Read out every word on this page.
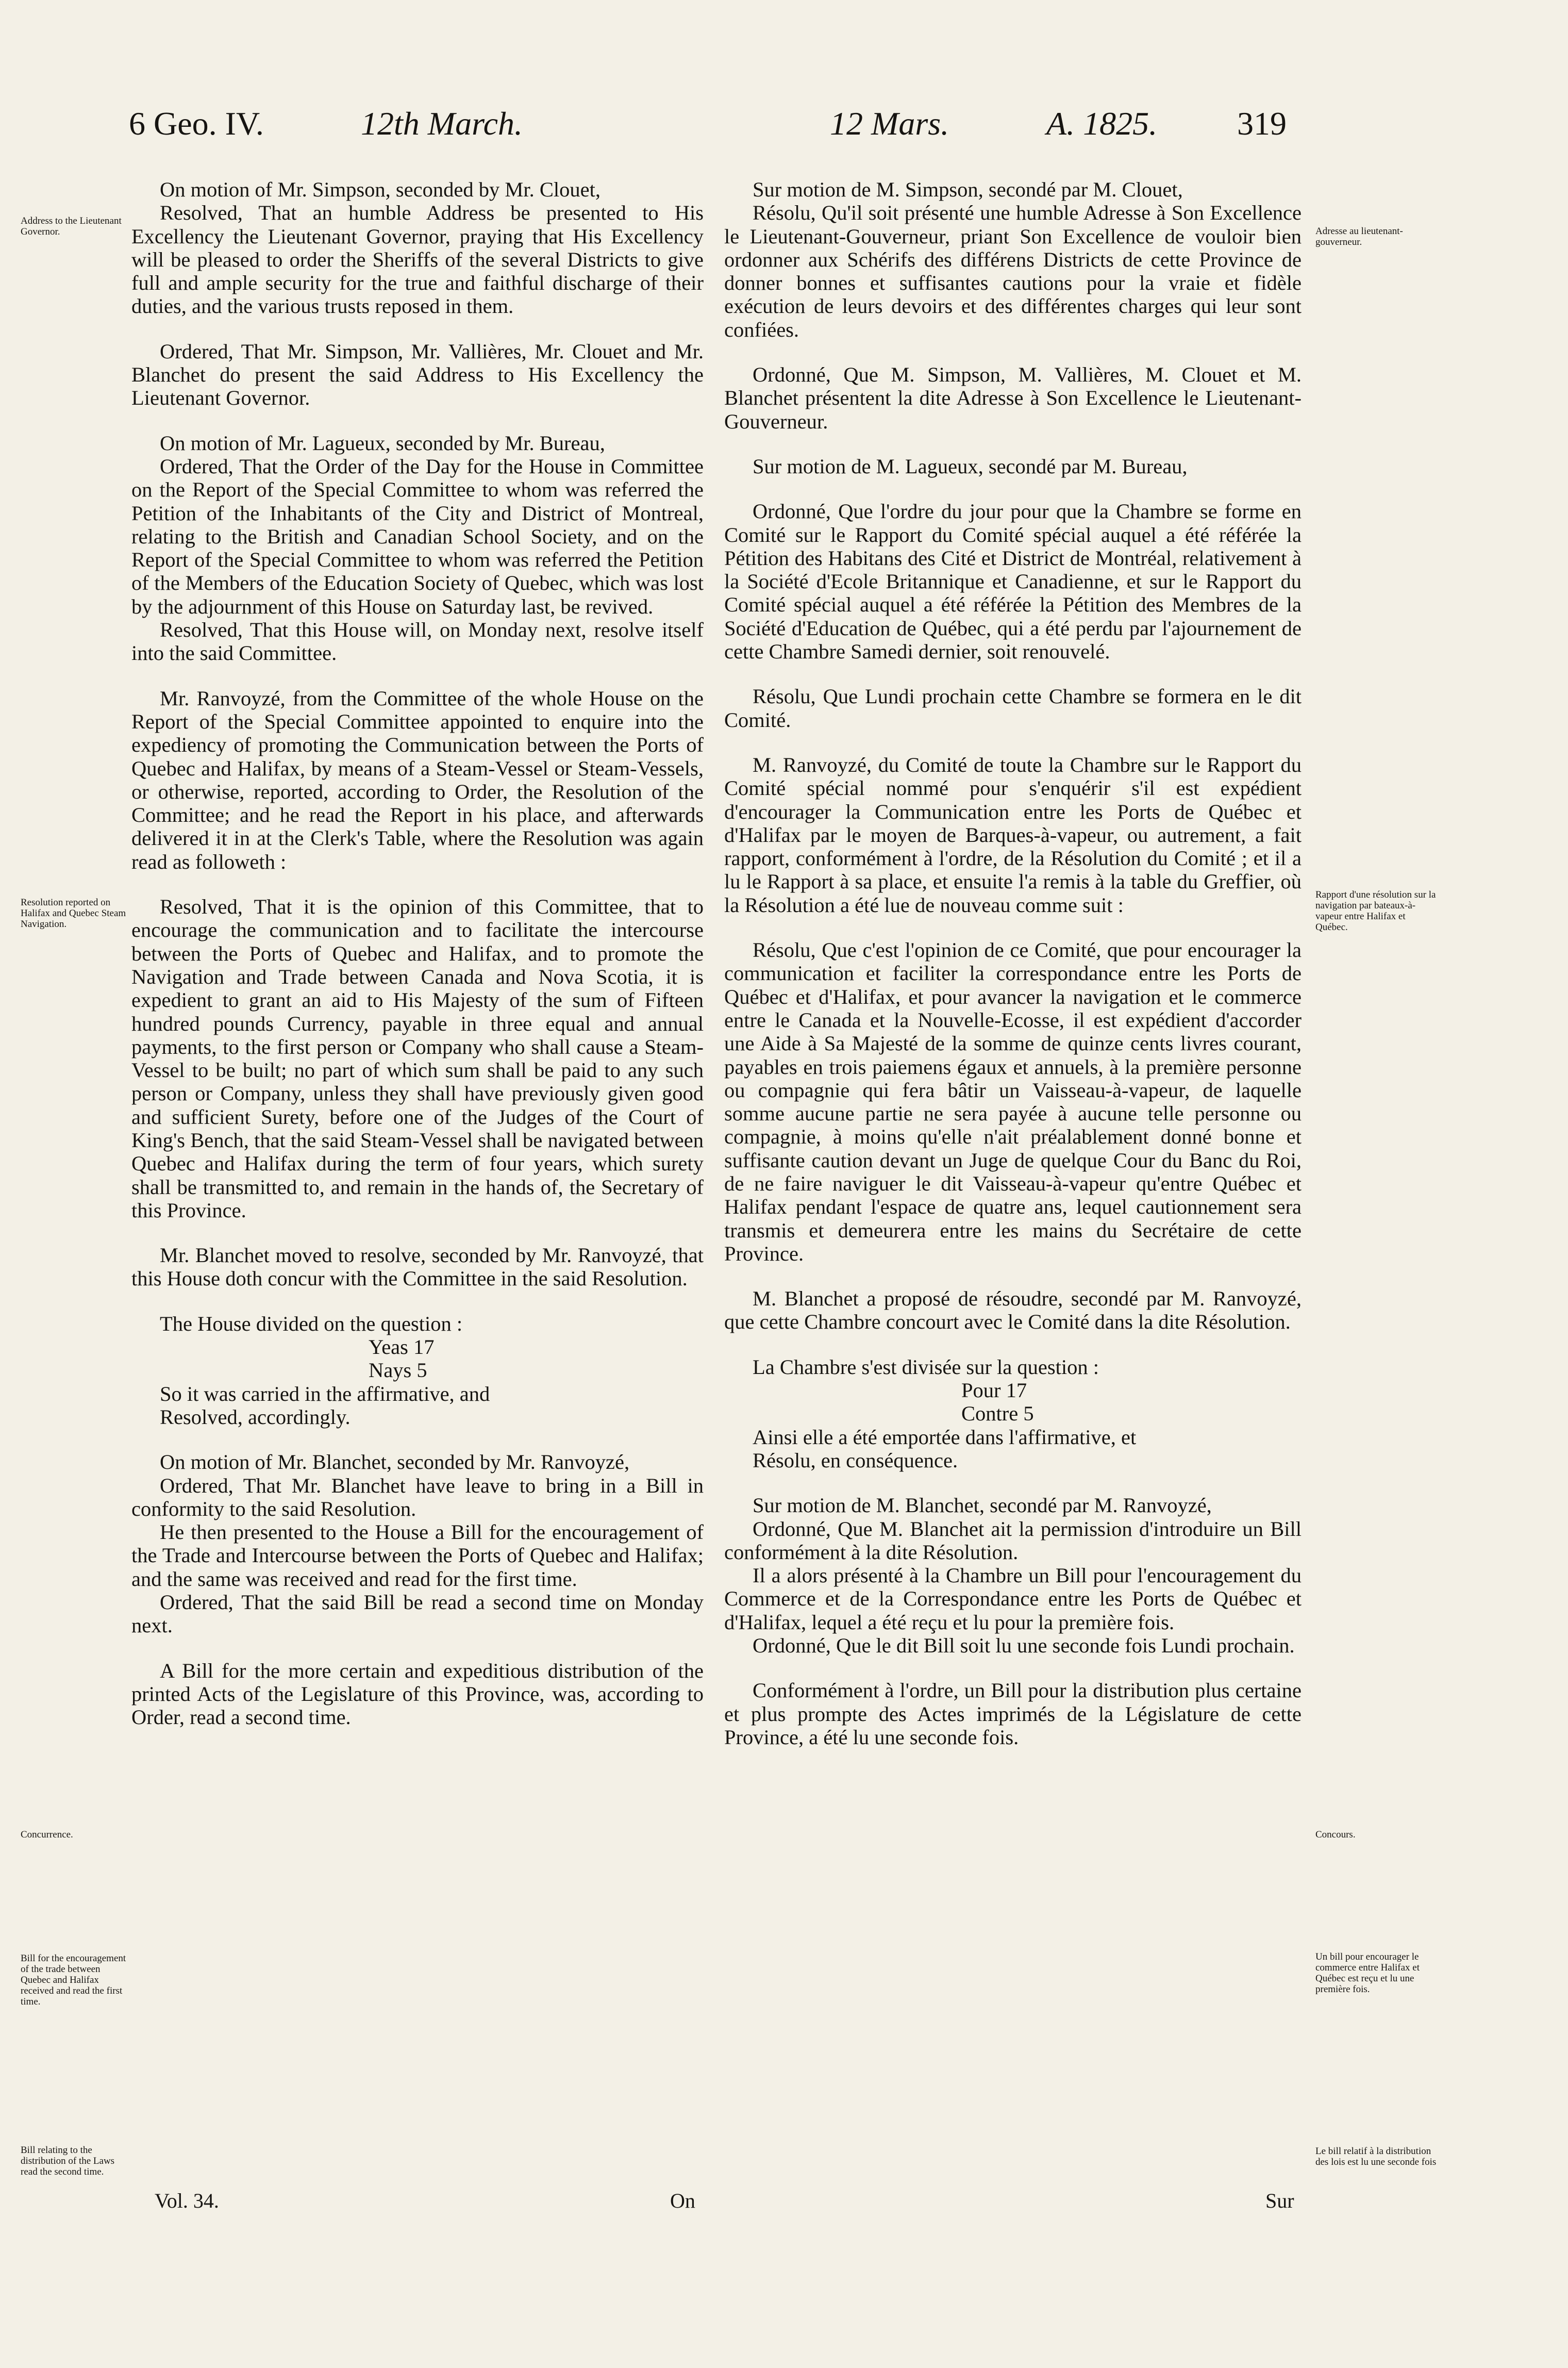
6 Geo. IV.	12th March.	12 Mars.	A. 1825. 319
Address to the Lieutenant Governor.
Resolution reported on Halifax and Quebec Steam Navigation.
Concurrence.
Bill for the encouragement of the trade between Quebec and Halifax received and read the first time.
Bill relating to the distribution of the Laws read the second time.
Adresse au lieutenant-gouverneur.
Rapport d'une résolution sur la navigation par bateaux-à-vapeur entre Halifax et Québec.
Concours.
Un bill pour encourager le commerce entre Halifax et Québec est reçu et lu une première fois.
Le bill relatif à la distribution des lois est lu une seconde fois

On motion of Mr. Simpson, seconded by Mr. Clouet,

Resolved, That an humble Address be presented to His Excellency the Lieutenant Governor, praying that His Excellency will be pleased to order the Sheriffs of the several Districts to give full and ample security for the true and faithful discharge of their duties, and the various trusts reposed in them.

Ordered, That Mr. Simpson, Mr. Vallières, Mr. Clouet and Mr. Blanchet do present the said Address to His Excellency the Lieutenant Governor.

On motion of Mr. Lagueux, seconded by Mr. Bureau,

Ordered, That the Order of the Day for the House in Committee on the Report of the Special Committee to whom was referred the Petition of the Inhabitants of the City and District of Montreal, relating to the British and Canadian School Society, and on the Report of the Special Committee to whom was referred the Petition of the Members of the Education Society of Quebec, which was lost by the adjournment of this House on Saturday last, be revived.

Resolved, That this House will, on Monday next, resolve itself into the said Committee.

Mr. Ranvoyzé, from the Committee of the whole House on the Report of the Special Committee appointed to enquire into the expediency of promoting the Communication between the Ports of Quebec and Halifax, by means of a Steam-Vessel or Steam-Vessels, or otherwise, reported, according to Order, the Resolution of the Committee; and he read the Report in his place, and afterwards delivered it in at the Clerk's Table, where the Resolution was again read as followeth :

Resolved, That it is the opinion of this Committee, that to encourage the communication and to facilitate the intercourse between the Ports of Quebec and Halifax, and to promote the Navigation and Trade between Canada and Nova Scotia, it is expedient to grant an aid to His Majesty of the sum of Fifteen hundred pounds Currency, payable in three equal and annual payments, to the first person or Company who shall cause a Steam-Vessel to be built; no part of which sum shall be paid to any such person or Company, unless they shall have previously given good and sufficient Surety, before one of the Judges of the Court of King's Bench, that the said Steam-Vessel shall be navigated between Quebec and Halifax during the term of four years, which surety shall be transmitted to, and remain in the hands of, the Secretary of this Province.

Mr. Blanchet moved to resolve, seconded by Mr. Ranvoyzé, that this House doth concur with the Committee in the said Resolution.

The House divided on the question :

Yeas 17

Nays 5

So it was carried in the affirmative, and

Resolved, accordingly.

On motion of Mr. Blanchet, seconded by Mr. Ranvoyzé,

Ordered, That Mr. Blanchet have leave to bring in a Bill in conformity to the said Resolution.

He then presented to the House a Bill for the encouragement of the Trade and Intercourse between the Ports of Quebec and Halifax; and the same was received and read for the first time.

Ordered, That the said Bill be read a second time on Monday next.

A Bill for the more certain and expeditious distribution of the printed Acts of the Legislature of this Province, was, according to Order, read a second time.

Sur motion de M. Simpson, secondé par M. Clouet,

Résolu, Qu'il soit présenté une humble Adresse à Son Excellence le Lieutenant-Gouverneur, priant Son Excellence de vouloir bien ordonner aux Schérifs des différens Districts de cette Province de donner bonnes et suffisantes cautions pour la vraie et fidèle exécution de leurs devoirs et des différentes charges qui leur sont confiées.

Ordonné, Que M. Simpson, M. Vallières, M. Clouet et M. Blanchet présentent la dite Adresse à Son Excellence le Lieutenant-Gouverneur.

Sur motion de M. Lagueux, secondé par M. Bureau,

Ordonné, Que l'ordre du jour pour que la Chambre se forme en Comité sur le Rapport du Comité spécial auquel a été référée la Pétition des Habitans des Cité et District de Montréal, relativement à la Société d'Ecole Britannique et Canadienne, et sur le Rapport du Comité spécial auquel a été référée la Pétition des Membres de la Société d'Education de Québec, qui a été perdu par l'ajournement de cette Chambre Samedi dernier, soit renouvelé.

Résolu, Que Lundi prochain cette Chambre se formera en le dit Comité.

M. Ranvoyzé, du Comité de toute la Chambre sur le Rapport du Comité spécial nommé pour s'enquérir s'il est expédient d'encourager la Communication entre les Ports de Québec et d'Halifax par le moyen de Barques-à-vapeur, ou autrement, a fait rapport, conformément à l'ordre, de la Résolution du Comité ; et il a lu le Rapport à sa place, et ensuite l'a remis à la table du Greffier, où la Résolution a été lue de nouveau comme suit :

Résolu, Que c'est l'opinion de ce Comité, que pour encourager la communication et faciliter la correspondance entre les Ports de Québec et d'Halifax, et pour avancer la navigation et le commerce entre le Canada et la Nouvelle-Ecosse, il est expédient d'accorder une Aide à Sa Majesté de la somme de quinze cents livres courant, payables en trois paiemens égaux et annuels, à la première personne ou compagnie qui fera bâtir un Vaisseau-à-vapeur, de laquelle somme aucune partie ne sera payée à aucune telle personne ou compagnie, à moins qu'elle n'ait préalablement donné bonne et suffisante caution devant un Juge de quelque Cour du Banc du Roi, de ne faire naviguer le dit Vaisseau-à-vapeur qu'entre Québec et Halifax pendant l'espace de quatre ans, lequel cautionnement sera transmis et demeurera entre les mains du Secrétaire de cette Province.

M. Blanchet a proposé de résoudre, secondé par M. Ranvoyzé, que cette Chambre concourt avec le Comité dans la dite Résolution.

La Chambre s'est divisée sur la question :

Pour 17

Contre 5

Ainsi elle a été emportée dans l'affirmative, et

Résolu, en conséquence.

Sur motion de M. Blanchet, secondé par M. Ranvoyzé,

Ordonné, Que M. Blanchet ait la permission d'introduire un Bill conformément à la dite Résolution.

Il a alors présenté à la Chambre un Bill pour l'encouragement du Commerce et de la Correspondance entre les Ports de Québec et d'Halifax, lequel a été reçu et lu pour la première fois.

Ordonné, Que le dit Bill soit lu une seconde fois Lundi prochain.

Conformément à l'ordre, un Bill pour la distribution plus certaine et plus prompte des Actes imprimés de la Législature de cette Province, a été lu une seconde fois.

Vol. 34.	On	Sur
